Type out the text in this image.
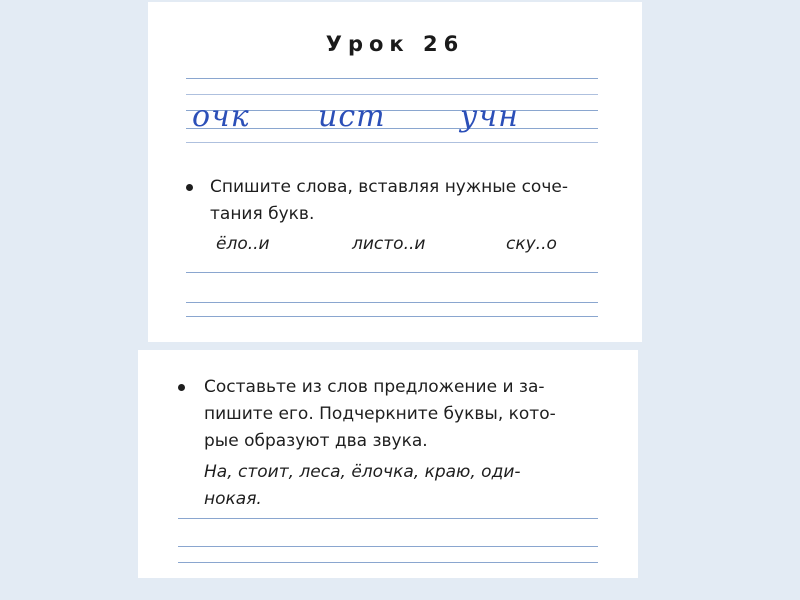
Урок 26
очк ист учн
Спишите слова, вставляя нужные соче-
тания букв.
ёло..и	листо..и	ску..о
Составьте из слов предложение и за-
пишите его. Подчеркните буквы, кото-
рые образуют два звука.
На, стоит, леса, ёлочка, краю, оди-
нокая.
